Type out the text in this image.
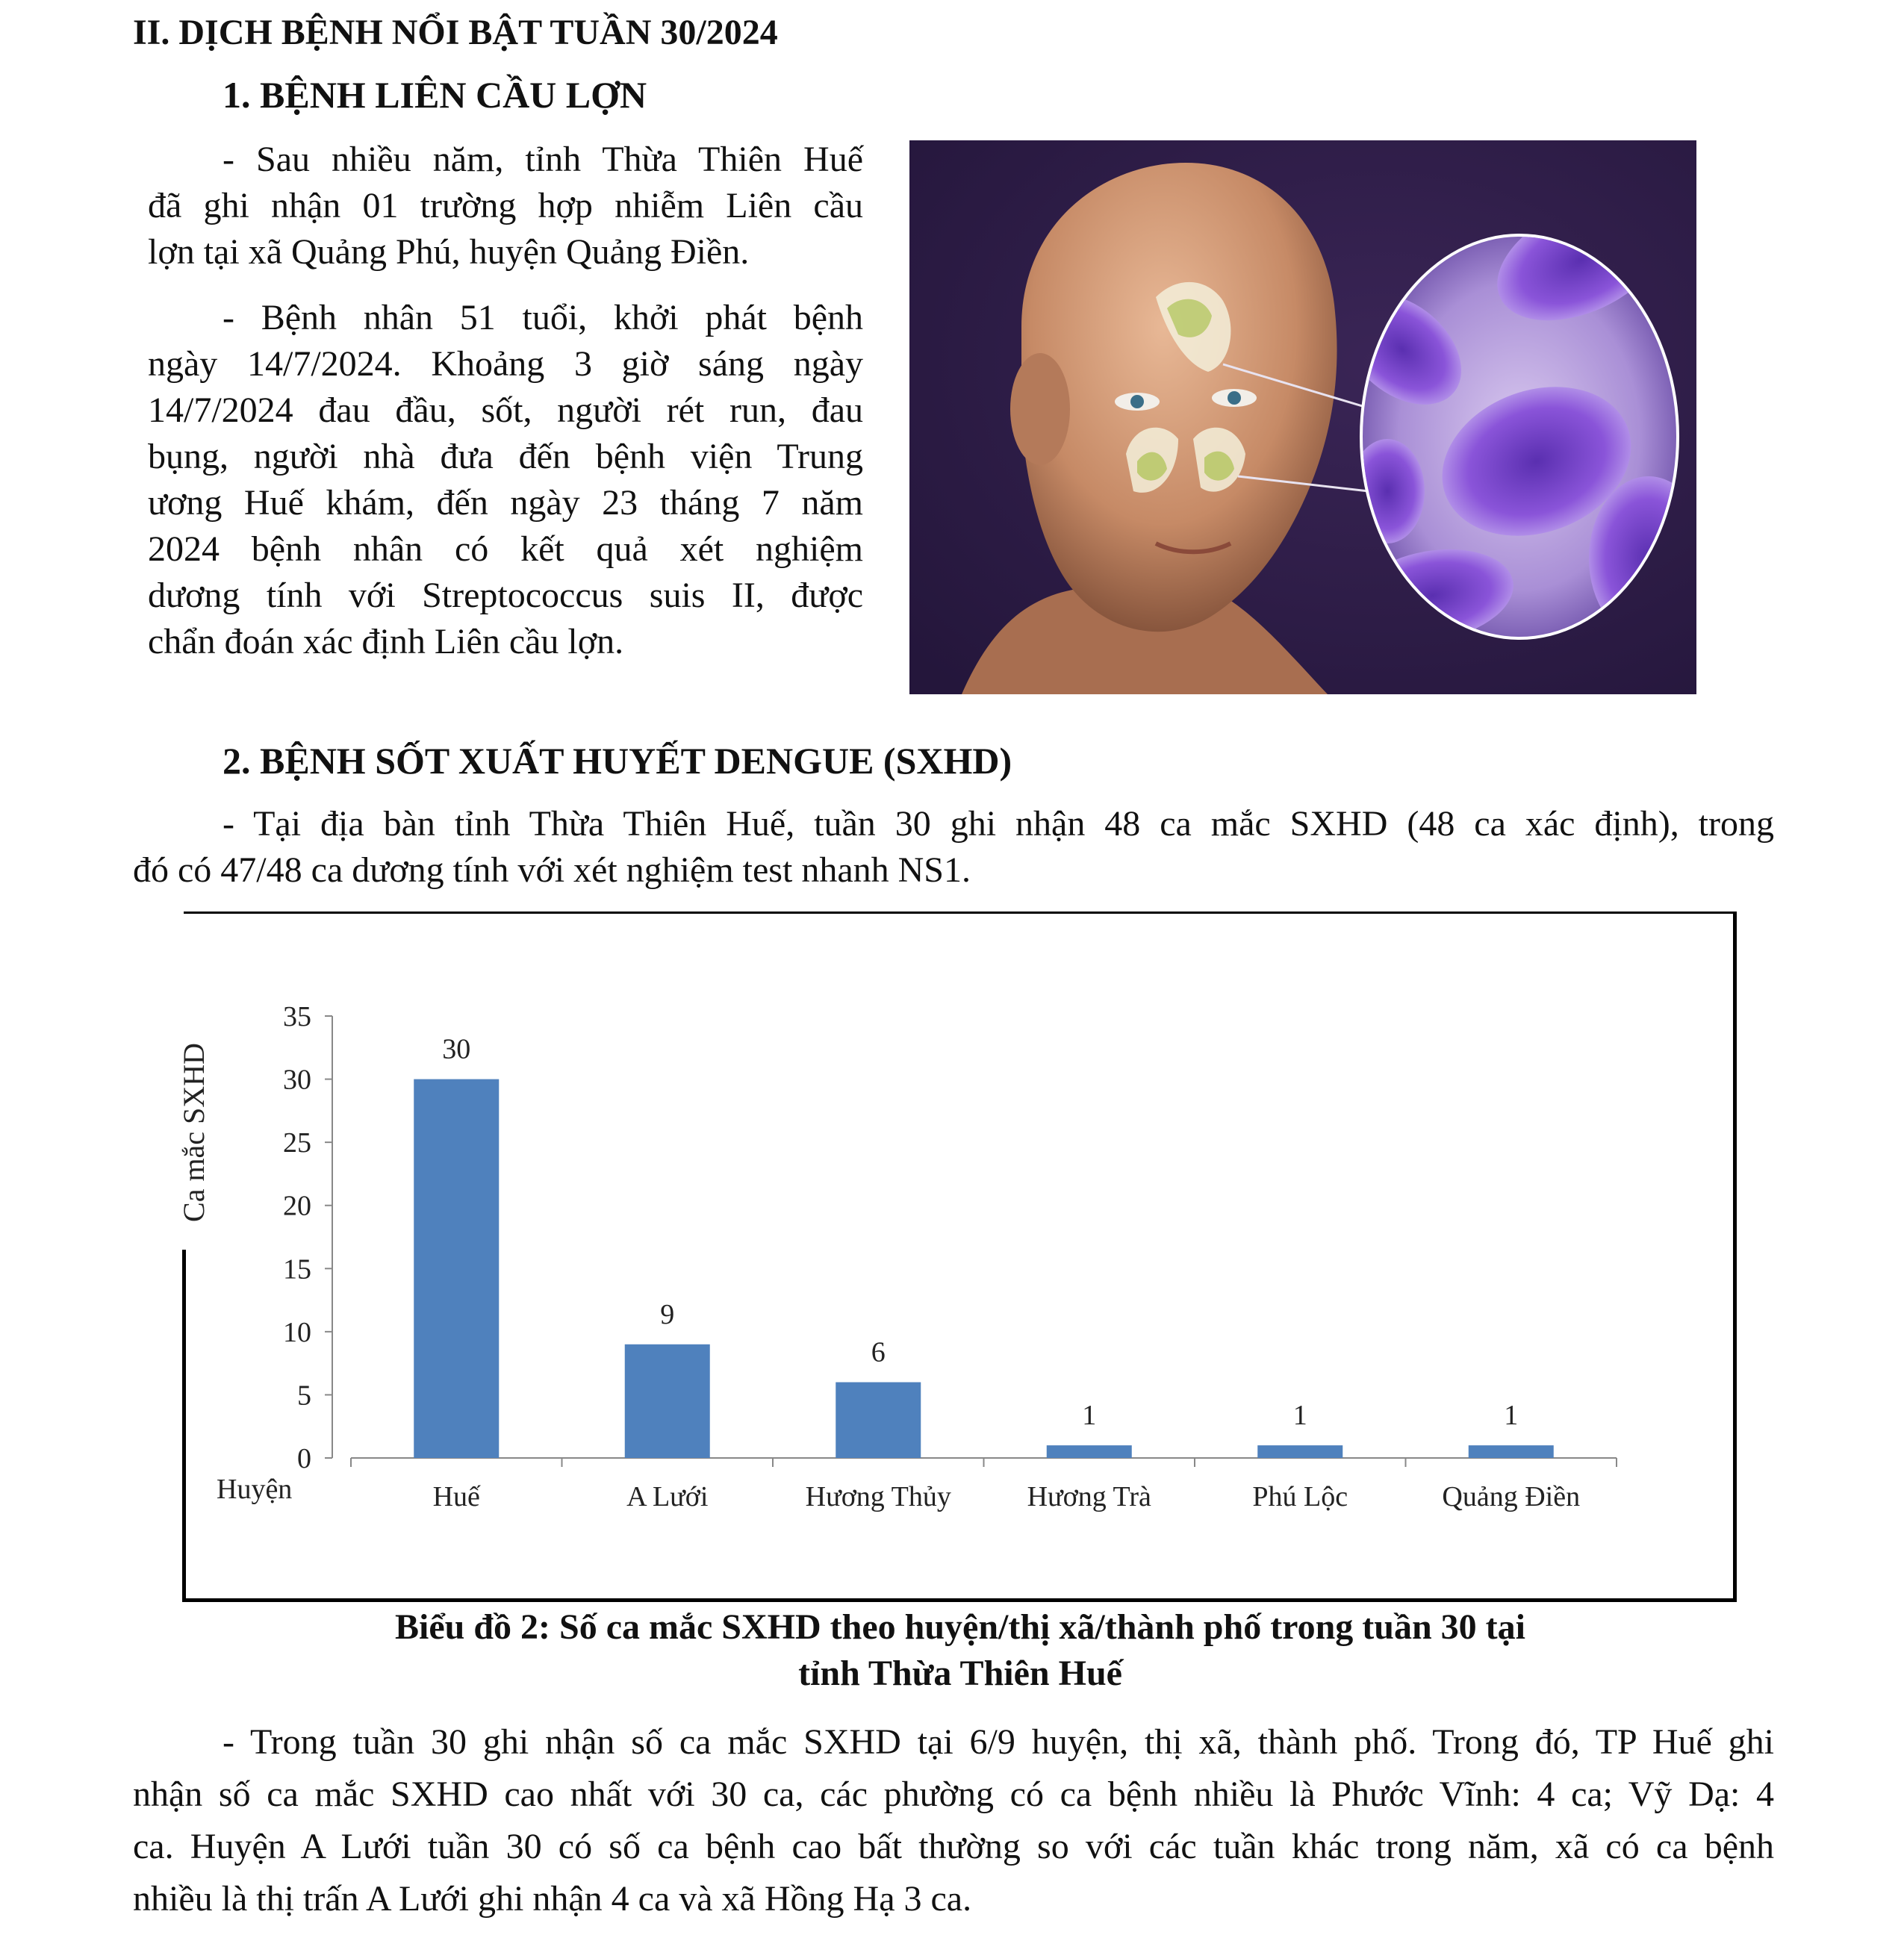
II. DỊCH BỆNH NỔI BẬT TUẦN 30/2024
1. BỆNH LIÊN CẦU LỢN
- Sau nhiều năm, tỉnh Thừa Thiên Huế
đã ghi nhận 01 trường hợp nhiễm Liên cầu
lợn tại xã Quảng Phú, huyện Quảng Điền.
- Bệnh nhân 51 tuổi, khởi phát bệnh
ngày 14/7/2024. Khoảng 3 giờ sáng ngày
14/7/2024 đau đầu, sốt, người rét run, đau
bụng, người nhà đưa đến bệnh viện Trung
ương Huế khám, đến ngày 23 tháng 7 năm
2024 bệnh nhân có kết quả xét nghiệm
dương tính với Streptococcus suis II, được
chẩn đoán xác định Liên cầu lợn.
2. BỆNH SỐT XUẤT HUYẾT DENGUE (SXHD)
- Tại địa bàn tỉnh Thừa Thiên Huế, tuần 30 ghi nhận 48 ca mắc SXHD (48 ca xác định), trong
đó có 47/48 ca dương tính với xét nghiệm test nhanh NS1.
0
5
10
15
20
25
30
35
30
Huế
9
A Lưới
6
Hương Thủy
1
Hương Trà
1
Phú Lộc
1
Quảng Điền
Huyện
Ca mắc SXHD
Biểu đồ 2: Số ca mắc SXHD theo huyện/thị xã/thành phố trong tuần 30 tại
tỉnh Thừa Thiên Huế
- Trong tuần 30 ghi nhận số ca mắc SXHD tại 6/9 huyện, thị xã, thành phố. Trong đó, TP Huế ghi
nhận số ca mắc SXHD cao nhất với 30 ca, các phường có ca bệnh nhiều là Phước Vĩnh: 4 ca; Vỹ Dạ: 4
ca. Huyện A Lưới tuần 30 có số ca bệnh cao bất thường so với các tuần khác trong năm, xã có ca bệnh
nhiều là thị trấn A Lưới ghi nhận 4 ca và xã Hồng Hạ 3 ca.
